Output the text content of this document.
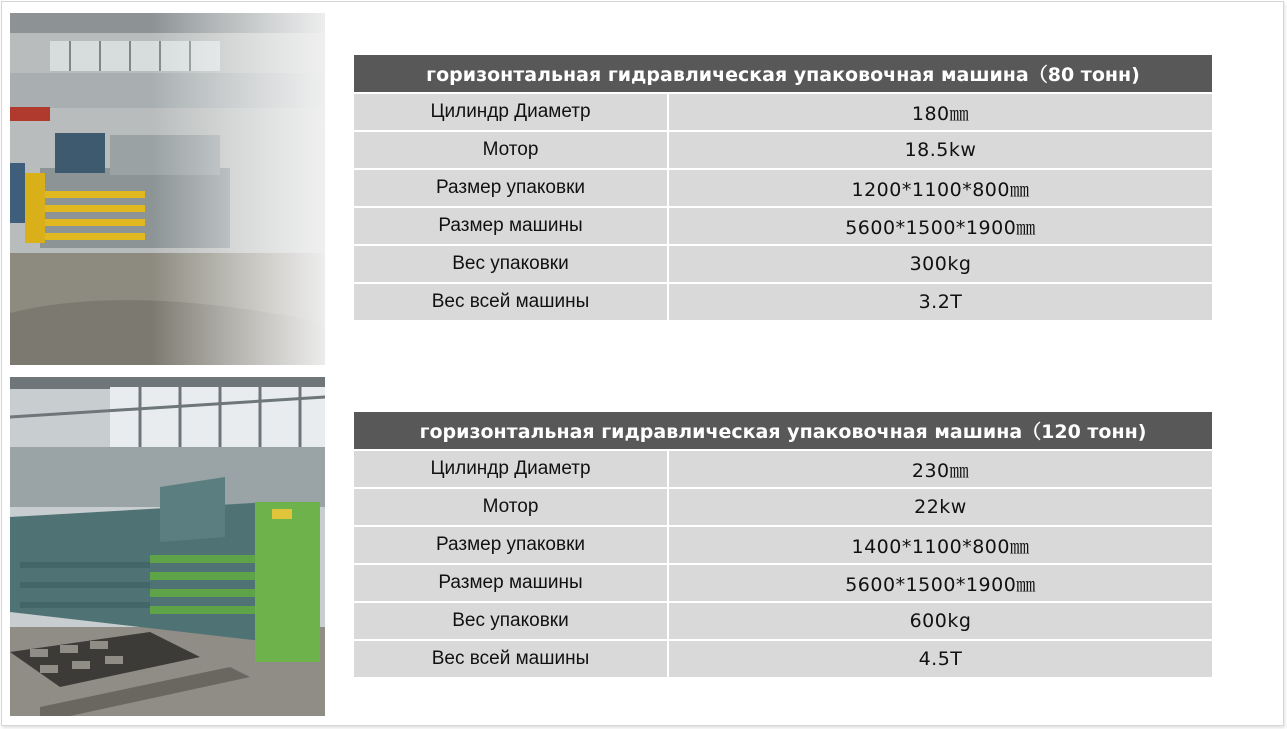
горизонтальная гидравлическая упаковочная машина（80 тонн)	
Цилиндр Диаметр	180㎜
Мотор	18.5kw
Размер упаковки	1200*1100*800㎜
Размер машины	5600*1500*1900㎜
Вес упаковки	300kg
Вес всей машины	3.2T
горизонтальная гидравлическая упаковочная машина（120 тонн)	
Цилиндр Диаметр	230㎜
Мотор	22kw
Размер упаковки	1400*1100*800㎜
Размер машины	5600*1500*1900㎜
Вес упаковки	600kg
Вес всей машины	4.5T
